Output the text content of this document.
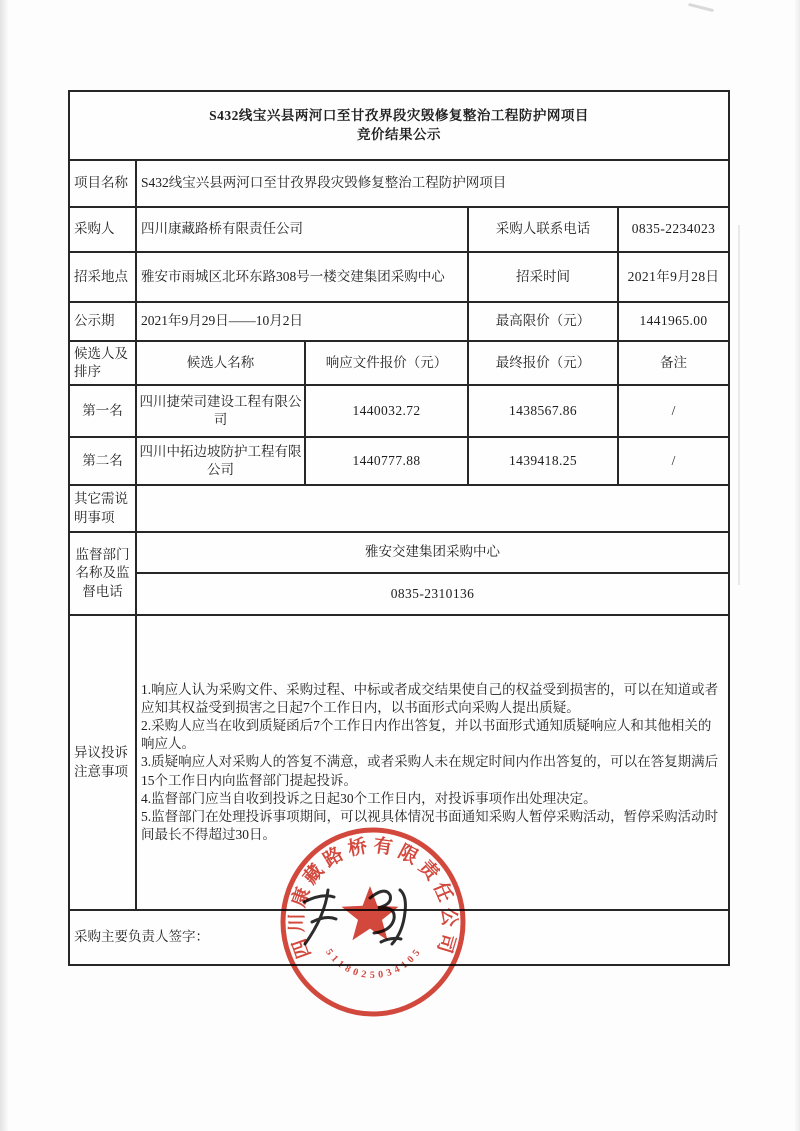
S432线宝兴县两河口至甘孜界段灾毁修复整治工程防护网项目
竞价结果公示				

项目名称	S432线宝兴县两河口至甘孜界段灾毁修复整治工程防护网项目			
采购人	四川康藏路桥有限责任公司		采购人联系电话	0835-2234023
招采地点	雅安市雨城区北环东路308号一楼交建集团采购中心		招采时间	2021年9月28日
公示期	2021年9月29日——10月2日		最高限价（元）	1441965.00
候选人及排序	候选人名称	响应文件报价（元）	最终报价（元）	备注
第一名	四川捷荣司建设工程有限公司	1440032.72	1438567.86	/
第二名	四川中拓边坡防护工程有限公司	1440777.88	1439418.25	/
其它需说明事项				
监督部门名称及监督电话	雅安交建集团采购中心			
	0835-2310136			
异议投诉注意事项	1.响应人认为采购文件、采购过程、中标或者成交结果使自己的权益受到损害的，可以在知道或者应知其权益受到损害之日起7个工作日内，以书面形式向采购人提出质疑。
2.采购人应当在收到质疑函后7个工作日内作出答复，并以书面形式通知质疑响应人和其他相关的响应人。
3.质疑响应人对采购人的答复不满意，或者采购人未在规定时间内作出答复的，可以在答复期满后15个工作日内向监督部门提起投诉。
4.监督部门应当自收到投诉之日起30个工作日内，对投诉事项作出处理决定。
5.监督部门在处理投诉事项期间，可以视具体情况书面通知采购人暂停采购活动，暂停采购活动时间最长不得超过30日。			

采购主要负责人签字：					四川康藏路桥有限责任公司
5118025034105
